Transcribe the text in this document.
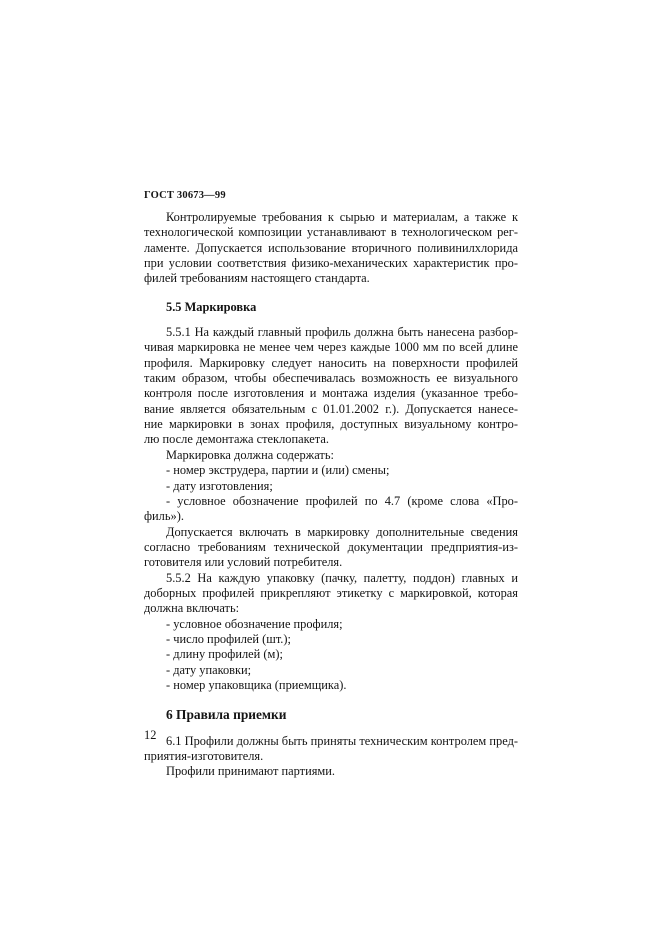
ГОСТ 30673—99
Контролируемые требования к сырью и материалам, а также к
технологической композиции устанавливают в технологическом рег-
ламенте. Допускается использование вторичного поливинилхлорида
при условии соответствия физико-механических характеристик про-
филей требованиям настоящего стандарта.
5.5 Маркировка
5.5.1 На каждый главный профиль должна быть нанесена разбор-
чивая маркировка не менее чем через каждые 1000 мм по всей длине
профиля. Маркировку следует наносить на поверхности профилей
таким образом, чтобы обеспечивалась возможность ее визуального
контроля после изготовления и монтажа изделия (указанное требо-
вание является обязательным с 01.01.2002 г.). Допускается нанесе-
ние маркировки в зонах профиля, доступных визуальному контро-
лю после демонтажа стеклопакета.
Маркировка должна содержать:
- номер экструдера, партии и (или) смены;
- дату изготовления;
- условное обозначение профилей по 4.7 (кроме слова «Про-
филь»).
Допускается включать в маркировку дополнительные сведения
согласно требованиям технической документации предприятия-из-
готовителя или условий потребителя.
5.5.2 На каждую упаковку (пачку, палетту, поддон) главных и
доборных профилей прикрепляют этикетку с маркировкой, которая
должна включать:
- условное обозначение профиля;
- число профилей (шт.);
- длину профилей (м);
- дату упаковки;
- номер упаковщика (приемщика).
6 Правила приемки
6.1 Профили должны быть приняты техническим контролем пред-
приятия-изготовителя.
Профили принимают партиями.
12
